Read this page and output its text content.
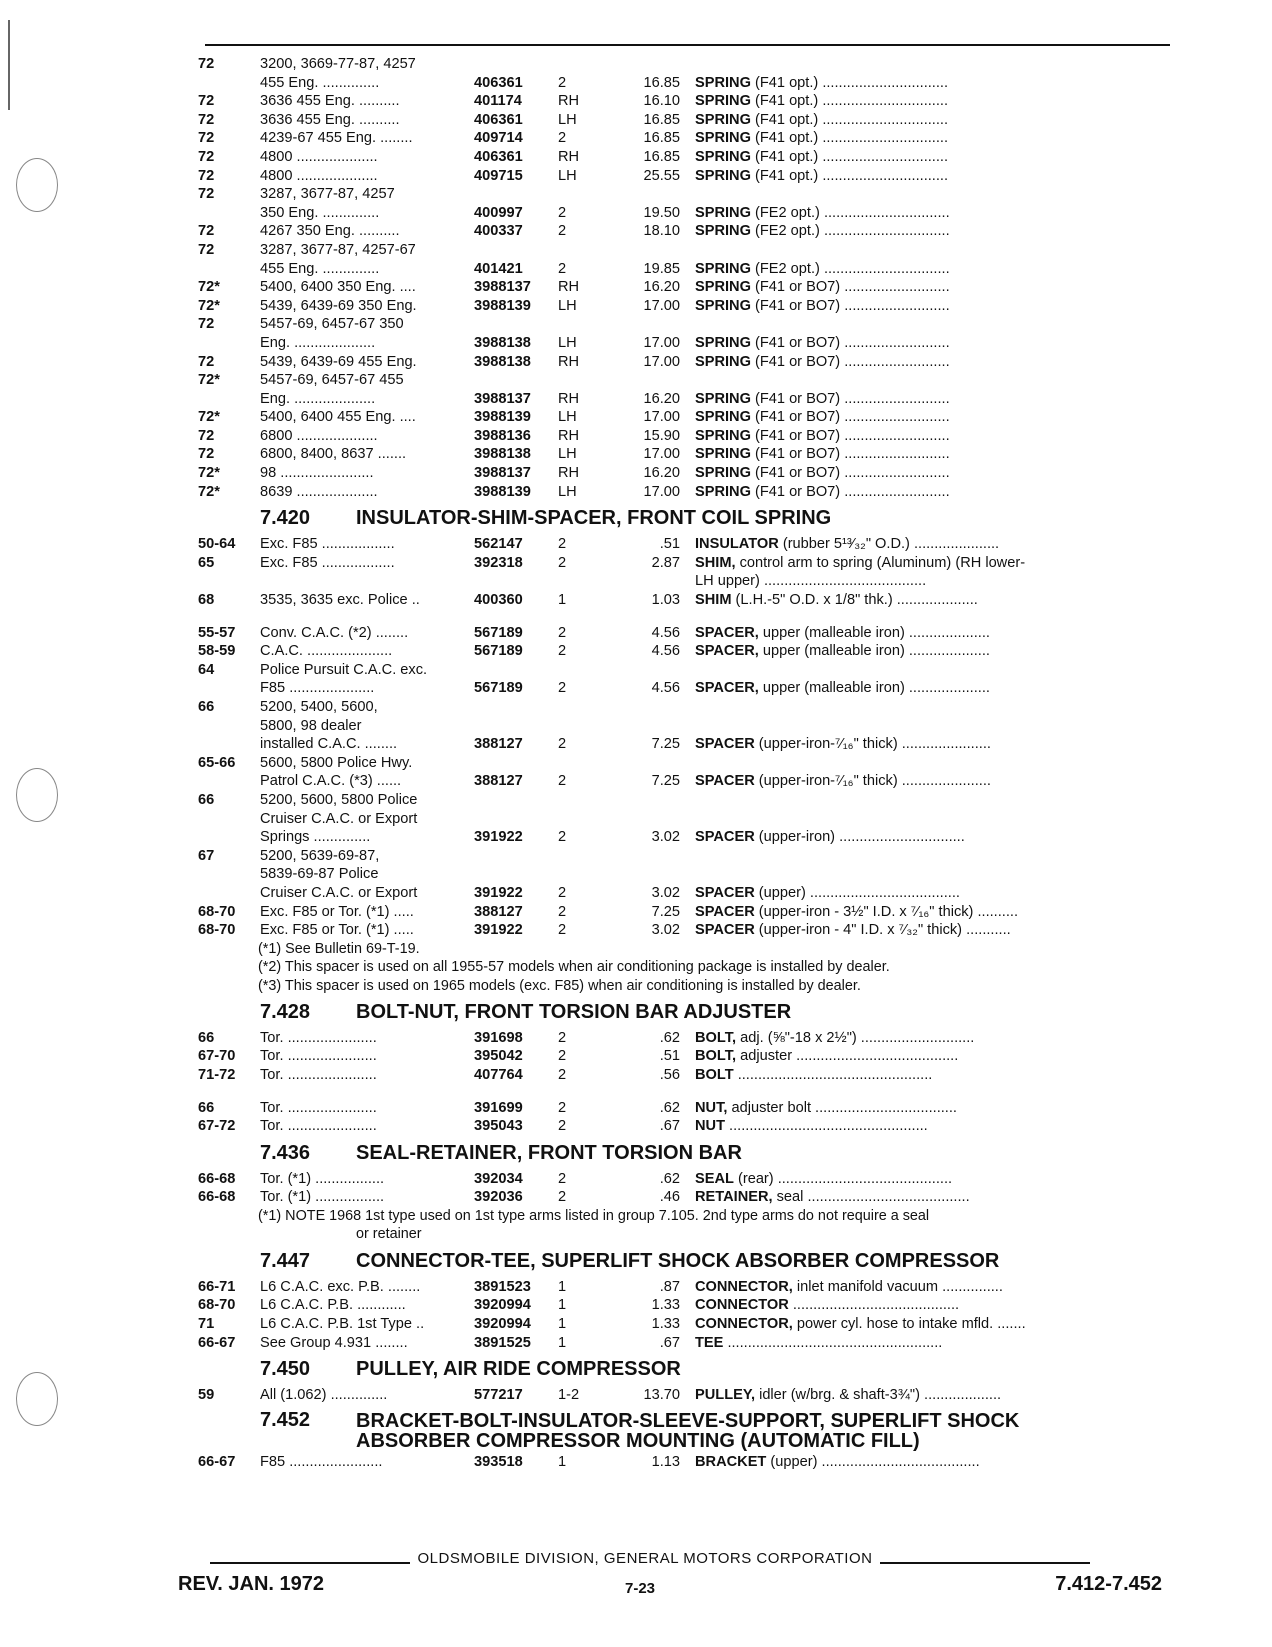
72	3200, 3669-77-87, 4257
455 Eng. ..............	406361	2	16.85 SPRING (F41 opt.) ...............................
72	3636 455 Eng. ..........	401174	RH	16.10 SPRING (F41 opt.) ...............................
72	3636 455 Eng. ..........	406361	LH	16.85 SPRING (F41 opt.) ...............................
72	4239-67 455 Eng. ........	409714	2	16.85 SPRING (F41 opt.) ...............................
72	4800 ....................	406361	RH	16.85 SPRING (F41 opt.) ...............................
72	4800 ....................	409715	LH	25.55 SPRING (F41 opt.) ...............................
72	3287, 3677-87, 4257
350 Eng. ..............	400997	2	19.50 SPRING (FE2 opt.) ...............................
72	4267 350 Eng. ..........	400337	2	18.10 SPRING (FE2 opt.) ...............................
72	3287, 3677-87, 4257-67
455 Eng. ..............	401421	2	19.85 SPRING (FE2 opt.) ...............................
72*	5400, 6400 350 Eng. ....	3988137	RH	16.20 SPRING (F41 or BO7) ..........................
72*	5439, 6439-69 350 Eng.	3988139	LH	17.00 SPRING (F41 or BO7) ..........................
72	5457-69, 6457-67 350
Eng. ....................	3988138	LH	17.00 SPRING (F41 or BO7) ..........................
72	5439, 6439-69 455 Eng.	3988138	RH	17.00 SPRING (F41 or BO7) ..........................
72*	5457-69, 6457-67 455
Eng. ....................	3988137	RH	16.20 SPRING (F41 or BO7) ..........................
72*	5400, 6400 455 Eng. ....	3988139	LH	17.00 SPRING (F41 or BO7) ..........................
72	6800 ....................	3988136	RH	15.90 SPRING (F41 or BO7) ..........................
72	6800, 8400, 8637 .......	3988138	LH	17.00 SPRING (F41 or BO7) ..........................
72*	98 .......................	3988137	RH	16.20 SPRING (F41 or BO7) ..........................
72*	8639 ....................	3988139	LH	17.00 SPRING (F41 or BO7) ..........................
7.420 INSULATOR-SHIM-SPACER, FRONT COIL SPRING
50-64	Exc. F85 ..................	562147	2	.51 INSULATOR (rubber 5¹³⁄₃₂" O.D.) .....................
65	Exc. F85 ..................	392318	2	2.87 SHIM, control arm to spring (Aluminum) (RH lower-
LH upper) ........................................
68	3535, 3635 exc. Police ..	400360	1	1.03 SHIM (L.H.-5" O.D. x 1/8" thk.) ....................
55-57	Conv. C.A.C. (*2) ........	567189	2	4.56 SPACER, upper (malleable iron) ....................
58-59	C.A.C. .....................	567189	2	4.56 SPACER, upper (malleable iron) ....................
64	Police Pursuit C.A.C. exc.
F85 .....................	567189	2	4.56 SPACER, upper (malleable iron) ....................
66	5200, 5400, 5600,
5800, 98 dealer
installed C.A.C. ........	388127	2	7.25 SPACER (upper-iron-⁷⁄₁₆" thick) ......................
65-66	5600, 5800 Police Hwy.
Patrol C.A.C. (*3) ......	388127	2	7.25 SPACER (upper-iron-⁷⁄₁₆" thick) ......................
66	5200, 5600, 5800 Police
Cruiser C.A.C. or Export
Springs ..............	391922	2	3.02 SPACER (upper-iron) ...............................
67	5200, 5639-69-87,
5839-69-87 Police
Cruiser C.A.C. or Export	391922	2	3.02 SPACER (upper) .....................................
68-70	Exc. F85 or Tor. (*1) .....	388127	2	7.25 SPACER (upper-iron - 3½" I.D. x ⁷⁄₁₆" thick) ..........
68-70	Exc. F85 or Tor. (*1) .....	391922	2	3.02 SPACER (upper-iron - 4" I.D. x ⁷⁄₃₂" thick) ...........
(*1) See Bulletin 69-T-19.
(*2) This spacer is used on all 1955-57 models when air conditioning package is installed by dealer.
(*3) This spacer is used on 1965 models (exc. F85) when air conditioning is installed by dealer.
7.428 BOLT-NUT, FRONT TORSION BAR ADJUSTER
66	Tor. ......................	391698	2	.62 BOLT, adj. (⅝"-18 x 2½") ............................
67-70	Tor. ......................	395042	2	.51 BOLT, adjuster ........................................
71-72	Tor. ......................	407764	2	.56 BOLT ................................................
66	Tor. ......................	391699	2	.62 NUT, adjuster bolt ...................................
67-72	Tor. ......................	395043	2	.67 NUT .................................................
7.436 SEAL-RETAINER, FRONT TORSION BAR
66-68	Tor. (*1) .................	392034	2	.62 SEAL (rear) ...........................................
66-68	Tor. (*1) .................	392036	2	.46 RETAINER, seal ........................................
(*1) NOTE 1968 1st type used on 1st type arms listed in group 7.105. 2nd type arms do not require a seal
or retainer
7.447 CONNECTOR-TEE, SUPERLIFT SHOCK ABSORBER COMPRESSOR
66-71	L6 C.A.C. exc. P.B. ........	3891523	1	.87 CONNECTOR, inlet manifold vacuum ...............
68-70	L6 C.A.C. P.B. ............	3920994	1	1.33 CONNECTOR .........................................
71	L6 C.A.C. P.B. 1st Type ..	3920994	1	1.33 CONNECTOR, power cyl. hose to intake mfld. .......
66-67	See Group 4.931 ........	3891525	1	.67 TEE .....................................................
7.450 PULLEY, AIR RIDE COMPRESSOR
59	All (1.062) ..............	577217	1-2	13.70 PULLEY, idler (w/brg. & shaft-3¾") ...................
7.452 BRACKET-BOLT-INSULATOR-SLEEVE-SUPPORT, SUPERLIFT SHOCK
ABSORBER COMPRESSOR MOUNTING (AUTOMATIC FILL)
66-67	F85 .......................	393518	1	1.13 BRACKET (upper) .......................................
OLDSMOBILE DIVISION, GENERAL MOTORS CORPORATION
REV. JAN. 1972	7-23	7.412-7.452
